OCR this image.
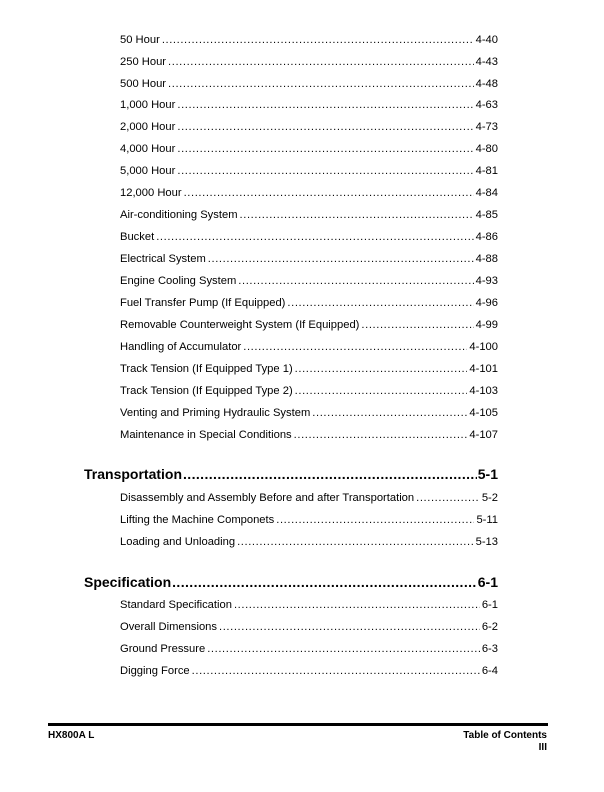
50 Hour .....	4-40
250 Hour .....	4-43
500 Hour .....	4-48
1,000 Hour .....	4-63
2,000 Hour .....	4-73
4,000 Hour .....	4-80
5,000 Hour .....	4-81
12,000 Hour .....	4-84
Air-conditioning System .....	4-85
Bucket .....	4-86
Electrical System .....	4-88
Engine Cooling System .....	4-93
Fuel Transfer Pump (If Equipped) .....	4-96
Removable Counterweight System (If Equipped) .....	4-99
Handling of Accumulator .....	4-100
Track Tension (If Equipped Type 1) .....	4-101
Track Tension (If Equipped Type 2) .....	4-103
Venting and Priming Hydraulic System .....	4-105
Maintenance in Special Conditions .....	4-107
Transportation .....	5-1
Disassembly and Assembly Before and after Transportation .....	5-2
Lifting the Machine Componets .....	5-11
Loading and Unloading .....	5-13
Specification .....	6-1
Standard Specification .....	6-1
Overall Dimensions .....	6-2
Ground Pressure .....	6-3
Digging Force .....	6-4
HX800A L	Table of Contents
III
